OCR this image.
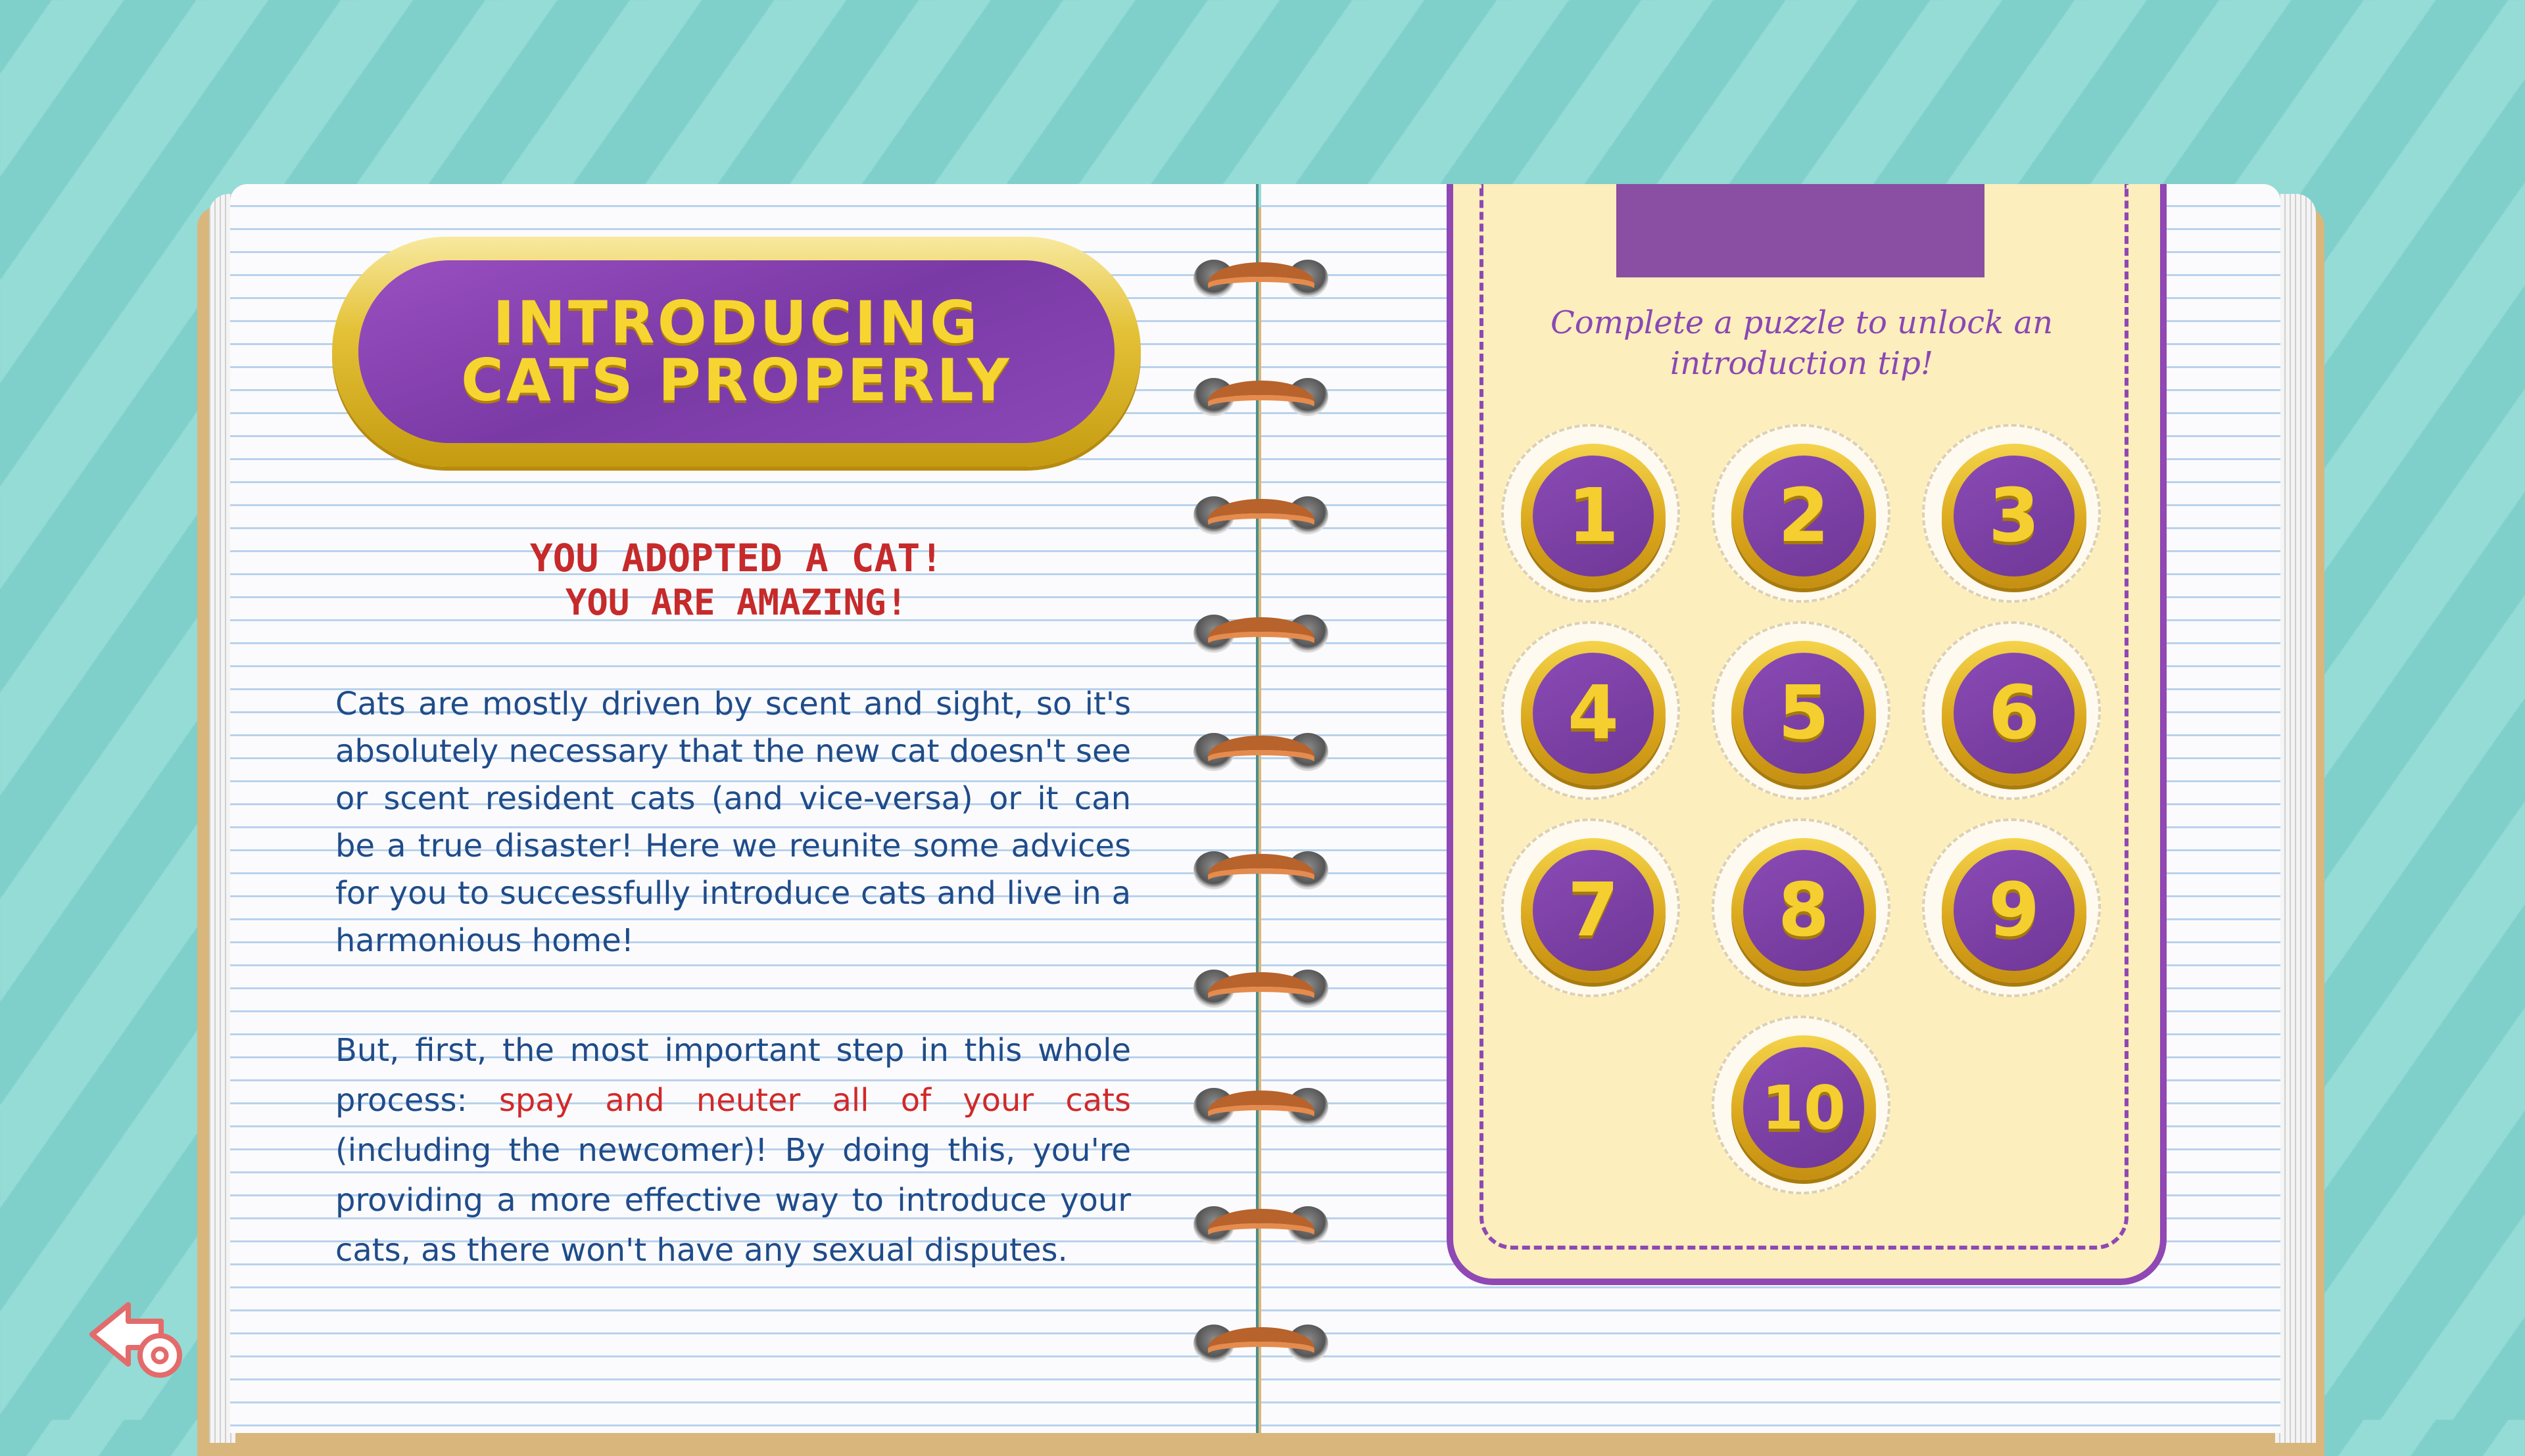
INTRODUCING
CATS PROPERLY
YOU ADOPTED A CAT!
YOU ARE AMAZING!
Cats are mostly driven by scent and sight, so it's absolutely necessary that the new cat doesn't see or scent resident cats (and vice-versa) or it can be a true disaster! Here we reunite some advices for you to successfully introduce cats and live in a harmonious home!
But, first, the most important step in this whole process: spay and neuter all of your cats (including the newcomer)! By doing this, you're providing a more effective way to introduce your cats, as there won't have any sexual disputes.
Complete a puzzle to unlock an introduction tip!
1	2	3
4	5	6
7	8	9
10
